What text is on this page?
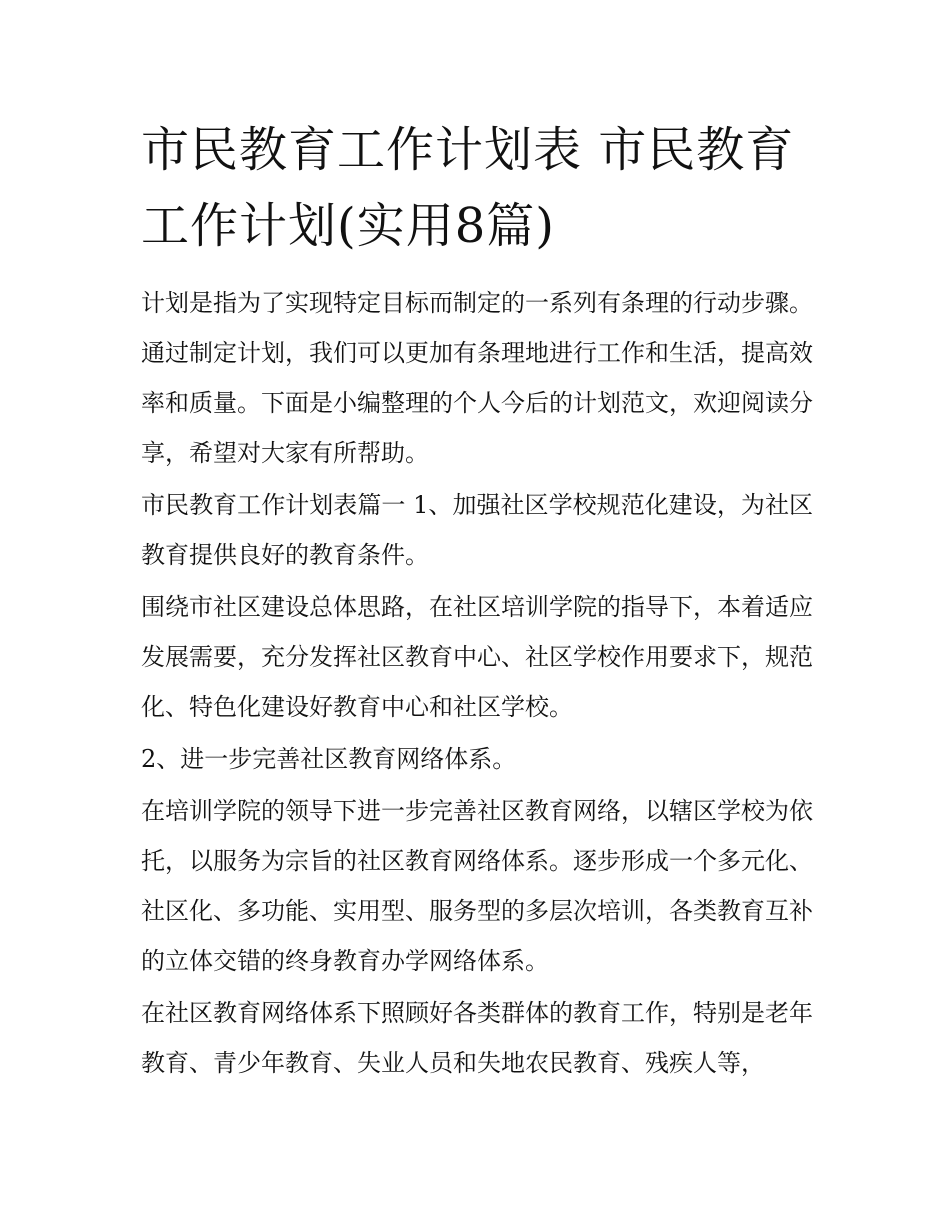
市民教育工作计划表 市民教育工作计划(实用8篇)

计划是指为了实现特定目标而制定的一系列有条理的行动步骤。通过制定计划，我们可以更加有条理地进行工作和生活，提高效率和质量。下面是小编整理的个人今后的计划范文，欢迎阅读分享，希望对大家有所帮助。

市民教育工作计划表篇一 1、加强社区学校规范化建设，为社区教育提供良好的教育条件。

围绕市社区建设总体思路，在社区培训学院的指导下，本着适应发展需要，充分发挥社区教育中心、社区学校作用要求下，规范化、特色化建设好教育中心和社区学校。

2、进一步完善社区教育网络体系。

在培训学院的领导下进一步完善社区教育网络，以辖区学校为依托，以服务为宗旨的社区教育网络体系。逐步形成一个多元化、社区化、多功能、实用型、服务型的多层次培训，各类教育互补的立体交错的终身教育办学网络体系。

在社区教育网络体系下照顾好各类群体的教育工作，特别是老年教育、青少年教育、失业人员和失地农民教育、残疾人等，
